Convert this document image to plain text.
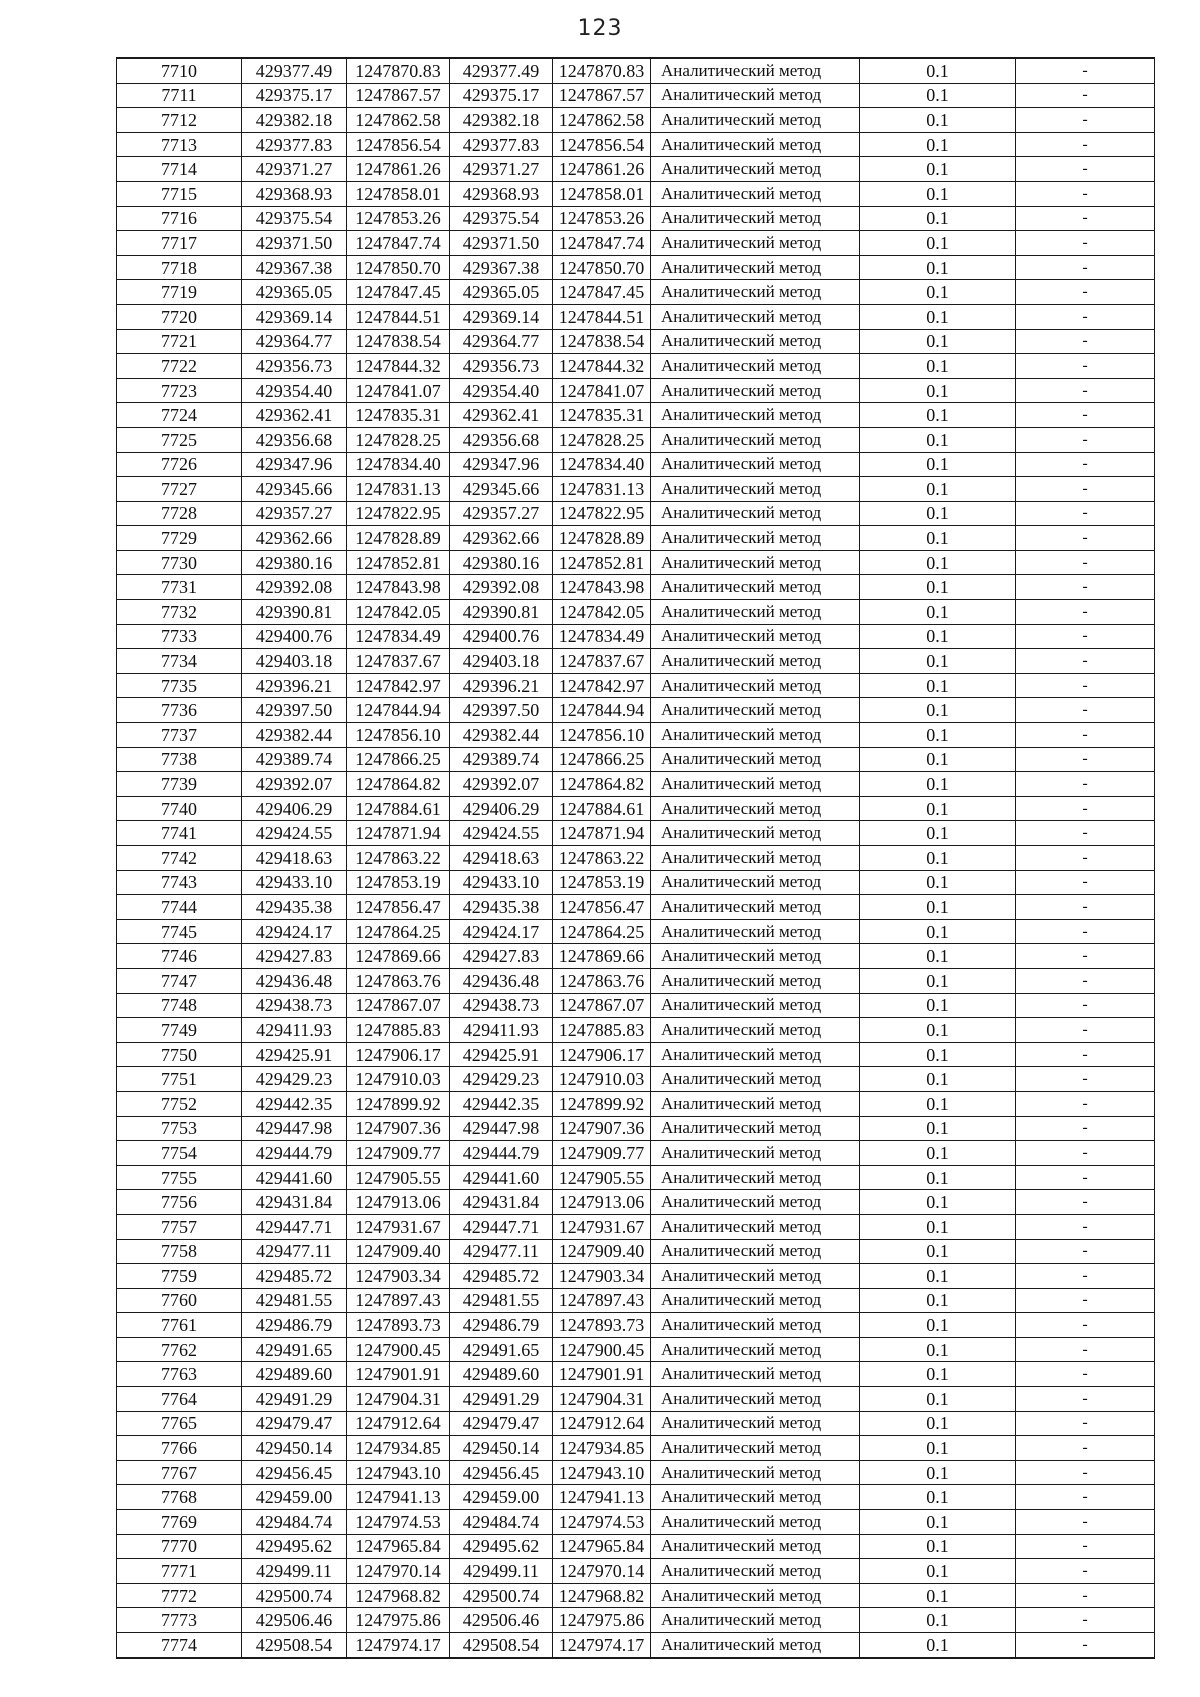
123
7710	429377.49	1247870.83	429377.49	1247870.83	Аналитический метод	0.1	-
7711	429375.17	1247867.57	429375.17	1247867.57	Аналитический метод	0.1	-
7712	429382.18	1247862.58	429382.18	1247862.58	Аналитический метод	0.1	-
7713	429377.83	1247856.54	429377.83	1247856.54	Аналитический метод	0.1	-
7714	429371.27	1247861.26	429371.27	1247861.26	Аналитический метод	0.1	-
7715	429368.93	1247858.01	429368.93	1247858.01	Аналитический метод	0.1	-
7716	429375.54	1247853.26	429375.54	1247853.26	Аналитический метод	0.1	-
7717	429371.50	1247847.74	429371.50	1247847.74	Аналитический метод	0.1	-
7718	429367.38	1247850.70	429367.38	1247850.70	Аналитический метод	0.1	-
7719	429365.05	1247847.45	429365.05	1247847.45	Аналитический метод	0.1	-
7720	429369.14	1247844.51	429369.14	1247844.51	Аналитический метод	0.1	-
7721	429364.77	1247838.54	429364.77	1247838.54	Аналитический метод	0.1	-
7722	429356.73	1247844.32	429356.73	1247844.32	Аналитический метод	0.1	-
7723	429354.40	1247841.07	429354.40	1247841.07	Аналитический метод	0.1	-
7724	429362.41	1247835.31	429362.41	1247835.31	Аналитический метод	0.1	-
7725	429356.68	1247828.25	429356.68	1247828.25	Аналитический метод	0.1	-
7726	429347.96	1247834.40	429347.96	1247834.40	Аналитический метод	0.1	-
7727	429345.66	1247831.13	429345.66	1247831.13	Аналитический метод	0.1	-
7728	429357.27	1247822.95	429357.27	1247822.95	Аналитический метод	0.1	-
7729	429362.66	1247828.89	429362.66	1247828.89	Аналитический метод	0.1	-
7730	429380.16	1247852.81	429380.16	1247852.81	Аналитический метод	0.1	-
7731	429392.08	1247843.98	429392.08	1247843.98	Аналитический метод	0.1	-
7732	429390.81	1247842.05	429390.81	1247842.05	Аналитический метод	0.1	-
7733	429400.76	1247834.49	429400.76	1247834.49	Аналитический метод	0.1	-
7734	429403.18	1247837.67	429403.18	1247837.67	Аналитический метод	0.1	-
7735	429396.21	1247842.97	429396.21	1247842.97	Аналитический метод	0.1	-
7736	429397.50	1247844.94	429397.50	1247844.94	Аналитический метод	0.1	-
7737	429382.44	1247856.10	429382.44	1247856.10	Аналитический метод	0.1	-
7738	429389.74	1247866.25	429389.74	1247866.25	Аналитический метод	0.1	-
7739	429392.07	1247864.82	429392.07	1247864.82	Аналитический метод	0.1	-
7740	429406.29	1247884.61	429406.29	1247884.61	Аналитический метод	0.1	-
7741	429424.55	1247871.94	429424.55	1247871.94	Аналитический метод	0.1	-
7742	429418.63	1247863.22	429418.63	1247863.22	Аналитический метод	0.1	-
7743	429433.10	1247853.19	429433.10	1247853.19	Аналитический метод	0.1	-
7744	429435.38	1247856.47	429435.38	1247856.47	Аналитический метод	0.1	-
7745	429424.17	1247864.25	429424.17	1247864.25	Аналитический метод	0.1	-
7746	429427.83	1247869.66	429427.83	1247869.66	Аналитический метод	0.1	-
7747	429436.48	1247863.76	429436.48	1247863.76	Аналитический метод	0.1	-
7748	429438.73	1247867.07	429438.73	1247867.07	Аналитический метод	0.1	-
7749	429411.93	1247885.83	429411.93	1247885.83	Аналитический метод	0.1	-
7750	429425.91	1247906.17	429425.91	1247906.17	Аналитический метод	0.1	-
7751	429429.23	1247910.03	429429.23	1247910.03	Аналитический метод	0.1	-
7752	429442.35	1247899.92	429442.35	1247899.92	Аналитический метод	0.1	-
7753	429447.98	1247907.36	429447.98	1247907.36	Аналитический метод	0.1	-
7754	429444.79	1247909.77	429444.79	1247909.77	Аналитический метод	0.1	-
7755	429441.60	1247905.55	429441.60	1247905.55	Аналитический метод	0.1	-
7756	429431.84	1247913.06	429431.84	1247913.06	Аналитический метод	0.1	-
7757	429447.71	1247931.67	429447.71	1247931.67	Аналитический метод	0.1	-
7758	429477.11	1247909.40	429477.11	1247909.40	Аналитический метод	0.1	-
7759	429485.72	1247903.34	429485.72	1247903.34	Аналитический метод	0.1	-
7760	429481.55	1247897.43	429481.55	1247897.43	Аналитический метод	0.1	-
7761	429486.79	1247893.73	429486.79	1247893.73	Аналитический метод	0.1	-
7762	429491.65	1247900.45	429491.65	1247900.45	Аналитический метод	0.1	-
7763	429489.60	1247901.91	429489.60	1247901.91	Аналитический метод	0.1	-
7764	429491.29	1247904.31	429491.29	1247904.31	Аналитический метод	0.1	-
7765	429479.47	1247912.64	429479.47	1247912.64	Аналитический метод	0.1	-
7766	429450.14	1247934.85	429450.14	1247934.85	Аналитический метод	0.1	-
7767	429456.45	1247943.10	429456.45	1247943.10	Аналитический метод	0.1	-
7768	429459.00	1247941.13	429459.00	1247941.13	Аналитический метод	0.1	-
7769	429484.74	1247974.53	429484.74	1247974.53	Аналитический метод	0.1	-
7770	429495.62	1247965.84	429495.62	1247965.84	Аналитический метод	0.1	-
7771	429499.11	1247970.14	429499.11	1247970.14	Аналитический метод	0.1	-
7772	429500.74	1247968.82	429500.74	1247968.82	Аналитический метод	0.1	-
7773	429506.46	1247975.86	429506.46	1247975.86	Аналитический метод	0.1	-
7774	429508.54	1247974.17	429508.54	1247974.17	Аналитический метод	0.1	-
